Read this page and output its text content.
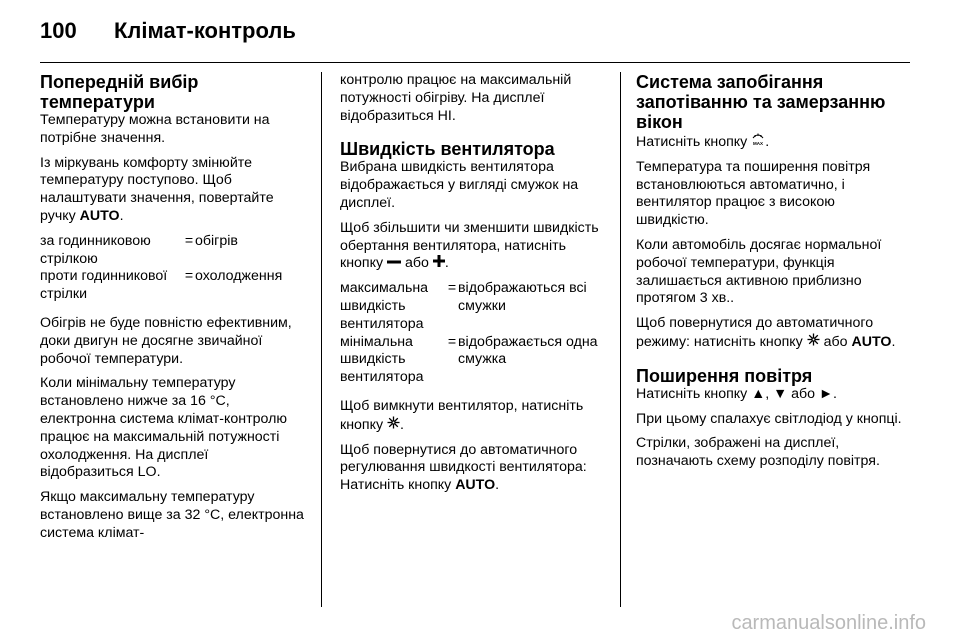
100 Клімат-контроль
Попередній вибір температури

Температуру можна встановити на потрібне значення.

Із міркувань комфорту змінюйте температуру поступово. Щоб налаштувати значення, повертайте ручку AUTO.

за годинниковою стрілкою
= обігрів
проти годинникової стрілки
= охолодження

Обігрів не буде повністю ефективним, доки двигун не досягне звичайної робочої температури.

Коли мінімальну температуру встановлено нижче за 16 °C, електронна система клімат-контролю працює на максимальній потужності охолодження. На дисплеї відобразиться LO.

Якщо максимальну температуру встановлено вище за 32 °C, електронна система клімат-

контролю працює на максимальній потужності обігріву. На дисплеї відобразиться HI.

Швидкість вентилятора

Вибрана швидкість вентилятора відображається у вигляді смужок на дисплеї.

Щоб збільшити чи зменшити швидкість обертання вентилятора, натисніть кнопку  або .

максимальна швидкість вентилятора
= відображаються всі смужки
мінімальна швидкість вентилятора
= відображається одна смужка

Щоб вимкнути вентилятор, натисніть кнопку .

Щоб повернутися до автоматичного регулювання швидкості вентилятора: Натисніть кнопку AUTO.

Система запобігання запотіванню та замерзанню вікон

Натисніть кнопку MAX .

Температура та поширення повітря встановлюються автоматично, і вентилятор працює з високою швидкістю.

Коли автомобіль досягає нормальної робочої температури, функція залишається активною приблизно протягом 3 хв..

Щоб повернутися до автоматичного режиму: натисніть кнопку  або AUTO.

Поширення повітря

Натисніть кнопку ▲, ▼ або ►.

При цьому спалахує світлодіод у кнопці.

Стрілки, зображені на дисплеї, позначають схему розподілу повітря.

carmanualsonline.info
